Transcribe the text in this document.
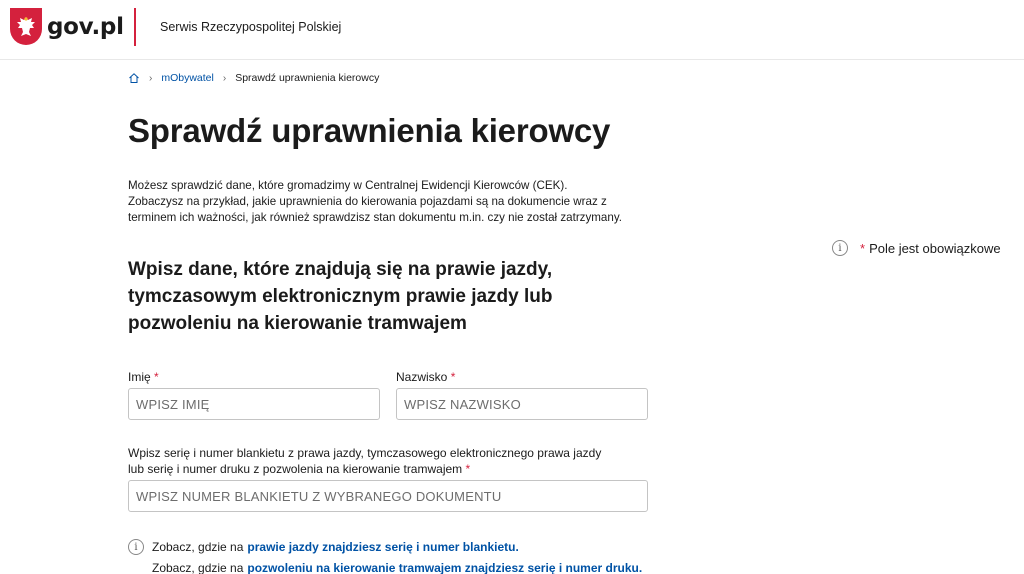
gov.pl	Serwis Rzeczypospolitej Polskiej
› mObywatel › Sprawdź uprawnienia kierowcy
Sprawdź uprawnienia kierowcy

Możesz sprawdzić dane, które gromadzimy w Centralnej Ewidencji Kierowców (CEK).

Zobaczysz na przykład, jakie uprawnienia do kierowania pojazdami są na dokumencie wraz z terminem ich ważności, jak również sprawdzisz stan dokumentu m.in. czy nie został zatrzymany.

i	* Pole jest obowiązkowe
Wpisz dane, które znajdują się na prawie jazdy, tymczasowym elektronicznym prawie jazdy lub pozwoleniu na kierowanie tramwajem
Imię *
WPISZ IMIĘ	Nazwisko *
WPISZ NAZWISKO
Wpisz serię i numer blankietu z prawa jazdy, tymczasowego elektronicznego prawa jazdy
lub serię i numer druku z pozwolenia na kierowanie tramwajem *
WPISZ NUMER BLANKIETU Z WYBRANEGO DOKUMENTU
i	Zobacz, gdzie na prawie jazdy znajdziesz serię i numer blankietu.
Zobacz, gdzie na pozwoleniu na kierowanie tramwajem znajdziesz serię i numer druku.
